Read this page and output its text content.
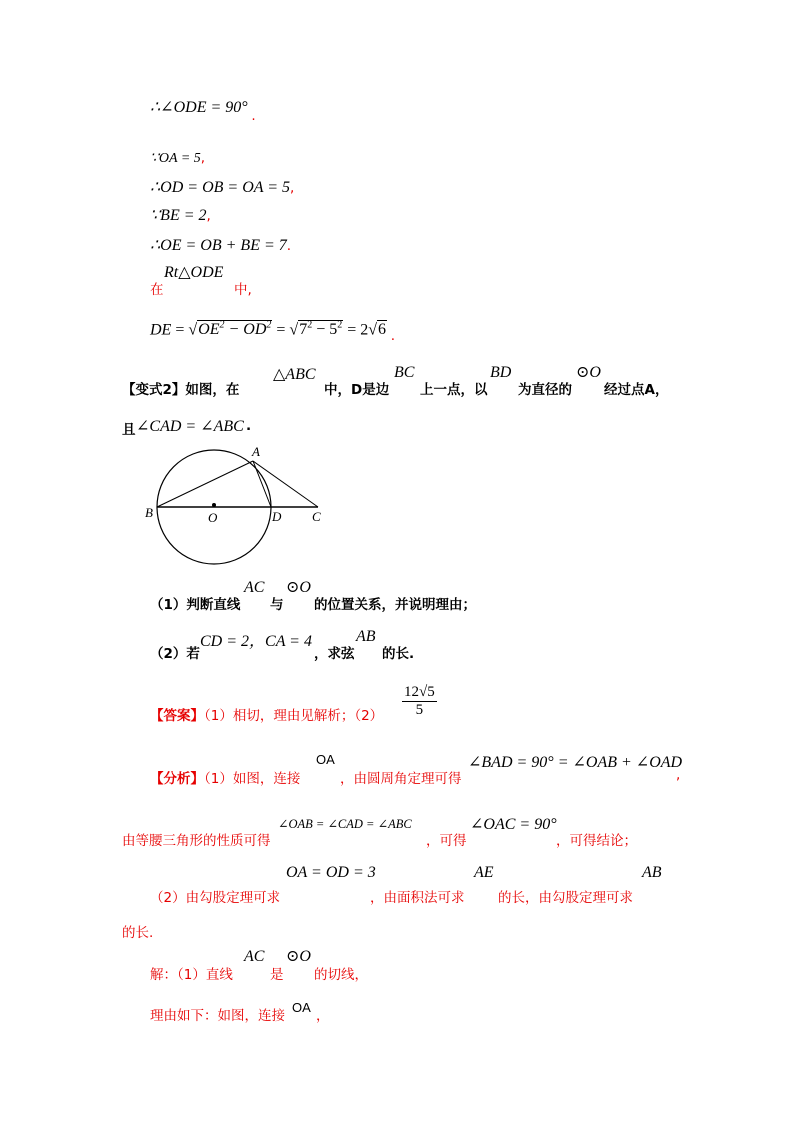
∴∠ODE = 90° .
∵OA = 5,
∴OD = OB = OA = 5,
∵BE = 2,
∴OE = OB + BE = 7.
在
Rt△ODE
中,
DE = $√OE^2 - OD^2 = √7^2 - 5^2 = 2√6$ .
【变式2】如图，在
△ABC
中，D是边
BC
上一点，以
BD
为直径的
⊙O
经过点A，
且 ∠CAD = ∠ABC .
A
B	O	D C
（1）判断直线
AC
与
⊙O
的位置关系，并说明理由；
（2）若
CD = 2，CA = 4
，求弦
AB
的长.
【答案】（1）相切，理由见解析；$(2) \frac{12√5}{5}$
【分析】（1）如图，连接
OA
，由圆周角定理可得
∠BAD = 90° = ∠OAB + ∠OAD
,
由等腰三角形的性质可得
∠OAB = ∠CAD = ∠ABC
，可得
∠OAC = 90°
，可得结论；
（2）由勾股定理可求
OA = OD = 3
，由面积法可求
AE
的长，由勾股定理可求
AB
的长.
解：（1）直线
AC
是
⊙O
的切线，
理由如下：如图，连接
OA
，
